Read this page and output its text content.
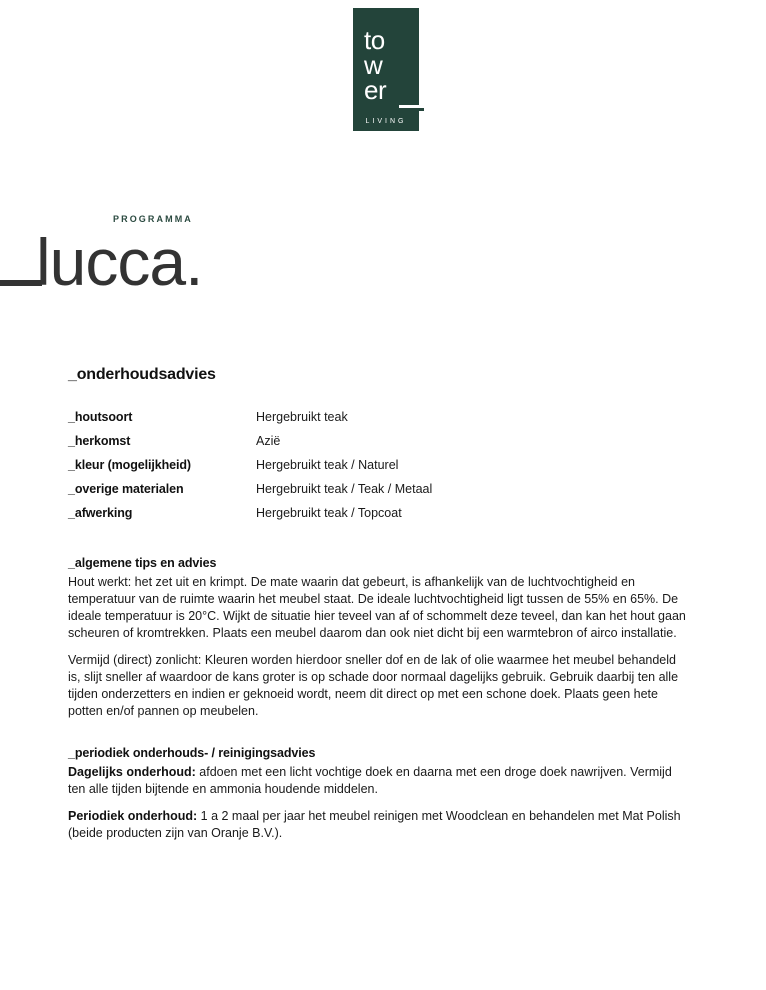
to
w
er
LIVING
PROGRAMMA
lucca.
_onderhoudsadvies
_houtsoort	Hergebruikt teak
_herkomst	Azië
_kleur (mogelijkheid)	Hergebruikt teak / Naturel
_overige materialen	Hergebruikt teak / Teak / Metaal
_afwerking	Hergebruikt teak / Topcoat
_algemene tips en advies

Hout werkt: het zet uit en krimpt. De mate waarin dat gebeurt, is afhankelijk van de luchtvochtigheid en temperatuur van de ruimte waarin het meubel staat. De ideale luchtvochtigheid ligt tussen de 55% en 65%. De ideale temperatuur is 20°C. Wijkt de situatie hier teveel van af of schommelt deze teveel, dan kan het hout gaan scheuren of kromtrekken. Plaats een meubel daarom dan ook niet dicht bij een warmtebron of airco installatie.

Vermijd (direct) zonlicht: Kleuren worden hierdoor sneller dof en de lak of olie waarmee het meubel behandeld is, slijt sneller af waardoor de kans groter is op schade door normaal dagelijks gebruik. Gebruik daarbij ten alle tijden onderzetters en indien er geknoeid wordt, neem dit direct op met een schone doek. Plaats geen hete potten en/of pannen op meubelen.

_periodiek onderhouds- / reinigingsadvies

Dagelijks onderhoud: afdoen met een licht vochtige doek en daarna met een droge doek nawrijven. Vermijd ten alle tijden bijtende en ammonia houdende middelen.

Periodiek onderhoud: 1 a 2 maal per jaar het meubel reinigen met Woodclean en behandelen met Mat Polish (beide producten zijn van Oranje B.V.).
